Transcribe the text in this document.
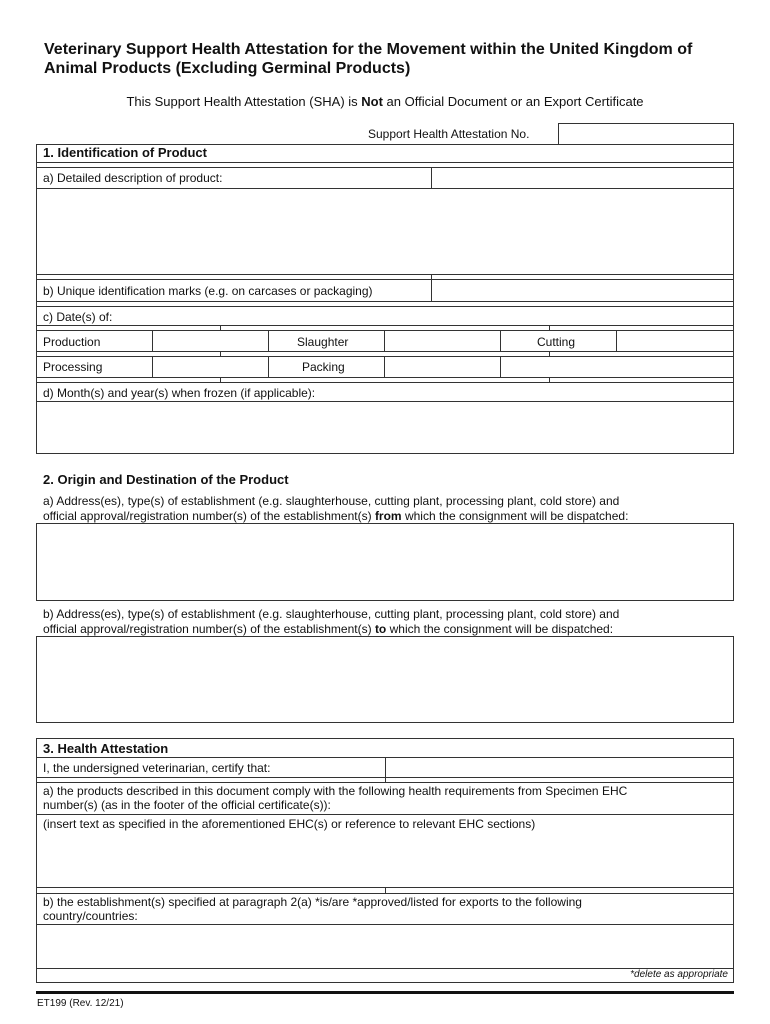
Veterinary Support Health Attestation for the Movement within the United Kingdom of Animal Products (Excluding Germinal Products)
This Support Health Attestation (SHA) is Not an Official Document or an Export Certificate
Support Health Attestation No.
1. Identification of Product
a) Detailed description of product:
b) Unique identification marks (e.g. on carcases or packaging)
c) Date(s) of:
Production	Slaughter	Cutting
Processing	Packing
d) Month(s) and year(s) when frozen (if applicable):
2. Origin and Destination of the Product
a) Address(es), type(s) of establishment (e.g. slaughterhouse, cutting plant, processing plant, cold store) and
official approval/registration number(s) of the establishment(s) from which the consignment will be dispatched:
b) Address(es), type(s) of establishment (e.g. slaughterhouse, cutting plant, processing plant, cold store) and
official approval/registration number(s) of the establishment(s) to which the consignment will be dispatched:
3. Health Attestation
I, the undersigned veterinarian, certify that:
a) the products described in this document comply with the following health requirements from Specimen EHC
number(s) (as in the footer of the official certificate(s)):
(insert text as specified in the aforementioned EHC(s) or reference to relevant EHC sections)
b) the establishment(s) specified at paragraph 2(a) *is/are *approved/listed for exports to the following
country/countries:
*delete as appropriate
ET199 (Rev. 12/21)
